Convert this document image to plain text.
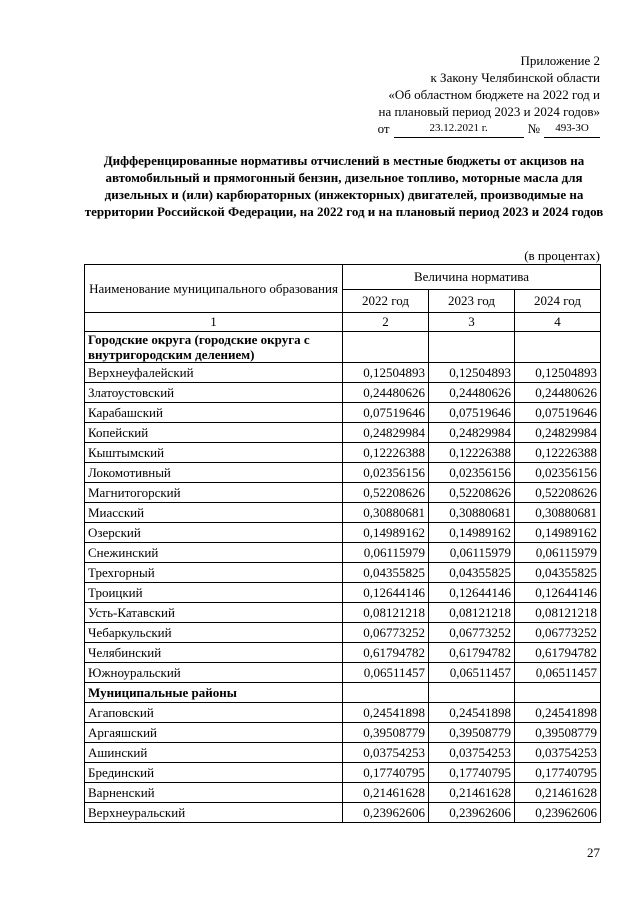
Приложение 2
к Закону Челябинской области
«Об областном бюджете на 2022 год и
на плановый период 2023 и 2024 годов»
от	23.12.2021 г.	№	493-ЗО
Дифференцированные нормативы отчислений в местные бюджеты от акцизов на автомобильный и прямогонный бензин, дизельное топливо, моторные масла для дизельных и (или) карбюраторных (инжекторных) двигателей, производимые на территории Российской Федерации, на 2022 год и на плановый период 2023 и 2024 годов
(в процентах)
Наименование муниципального образования	Величина норматива		
	2022 год	2023 год	2024 год
1	2	3	4
Городские округа (городские округа с внутригородским делением)			
Верхнеуфалейский	0,12504893	0,12504893	0,12504893
Златоустовский	0,24480626	0,24480626	0,24480626
Карабашский	0,07519646	0,07519646	0,07519646
Копейский	0,24829984	0,24829984	0,24829984
Кыштымский	0,12226388	0,12226388	0,12226388
Локомотивный	0,02356156	0,02356156	0,02356156
Магнитогорский	0,52208626	0,52208626	0,52208626
Миасский	0,30880681	0,30880681	0,30880681
Озерский	0,14989162	0,14989162	0,14989162
Снежинский	0,06115979	0,06115979	0,06115979
Трехгорный	0,04355825	0,04355825	0,04355825
Троицкий	0,12644146	0,12644146	0,12644146
Усть-Катавский	0,08121218	0,08121218	0,08121218
Чебаркульский	0,06773252	0,06773252	0,06773252
Челябинский	0,61794782	0,61794782	0,61794782
Южноуральский	0,06511457	0,06511457	0,06511457
Муниципальные районы			
Агаповский	0,24541898	0,24541898	0,24541898
Аргаяшский	0,39508779	0,39508779	0,39508779
Ашинский	0,03754253	0,03754253	0,03754253
Брединский	0,17740795	0,17740795	0,17740795
Варненский	0,21461628	0,21461628	0,21461628
Верхнеуральский	0,23962606	0,23962606	0,23962606
27
